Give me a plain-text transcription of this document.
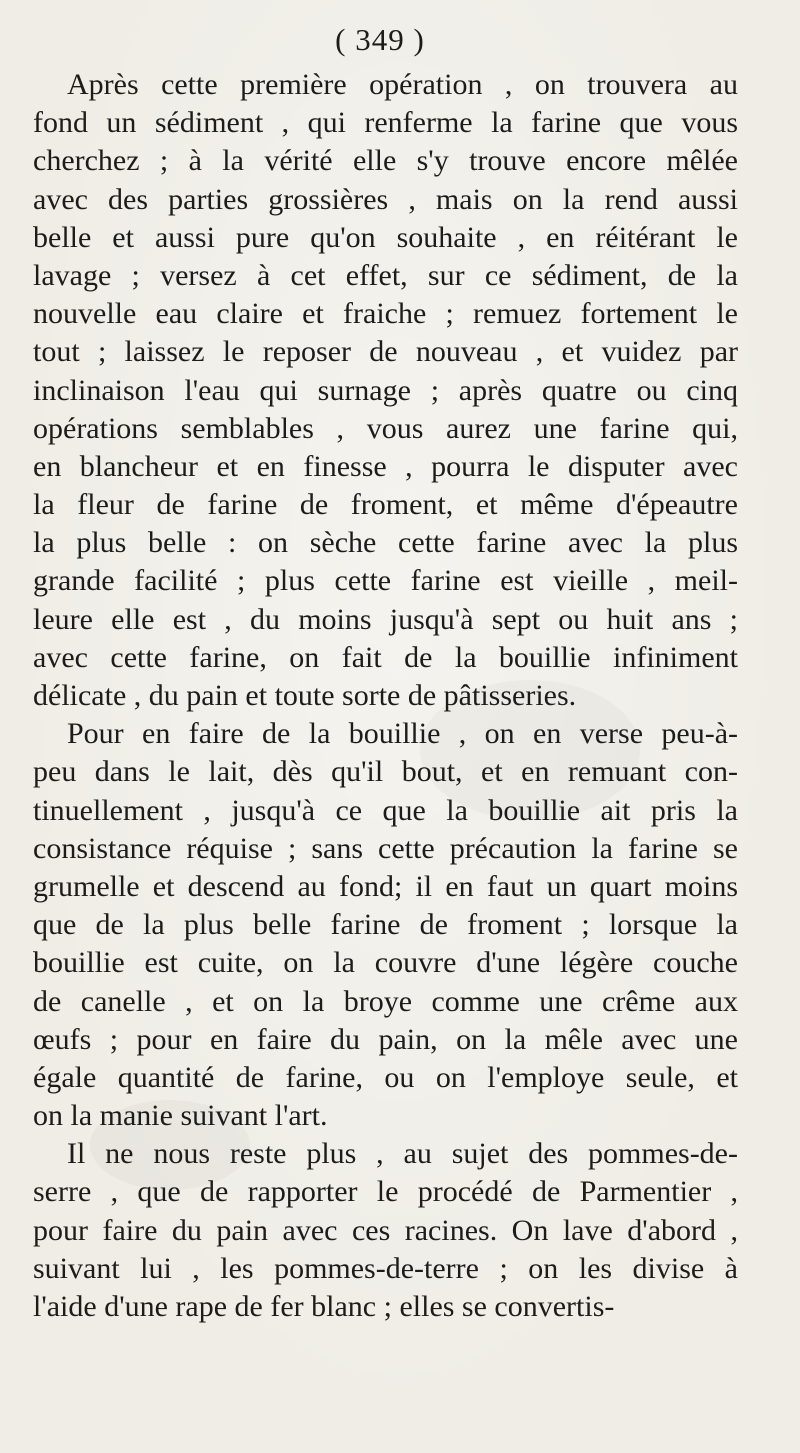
( 349 )
Après cette première opération , on trouvera au
fond un sédiment , qui renferme la farine que vous
cherchez ; à la vérité elle s'y trouve encore mêlée
avec des parties grossières , mais on la rend aussi
belle et aussi pure qu'on souhaite , en réitérant le
lavage ; versez à cet effet, sur ce sédiment, de la
nouvelle eau claire et fraiche ; remuez fortement le
tout ; laissez le reposer de nouveau , et vuidez par
inclinaison l'eau qui surnage ; après quatre ou cinq
opérations semblables , vous aurez une farine qui,
en blancheur et en finesse , pourra le disputer avec
la fleur de farine de froment, et même d'épeautre
la plus belle : on sèche cette farine avec la plus
grande facilité ; plus cette farine est vieille , meil-
leure elle est , du moins jusqu'à sept ou huit ans ;
avec cette farine, on fait de la bouillie infiniment
délicate , du pain et toute sorte de pâtisseries.
Pour en faire de la bouillie , on en verse peu-à-
peu dans le lait, dès qu'il bout, et en remuant con-
tinuellement , jusqu'à ce que la bouillie ait pris la
consistance réquise ; sans cette précaution la farine se
grumelle et descend au fond; il en faut un quart moins
que de la plus belle farine de froment ; lorsque la
bouillie est cuite, on la couvre d'une légère couche
de canelle , et on la broye comme une crême aux
œufs ; pour en faire du pain, on la mêle avec une
égale quantité de farine, ou on l'employe seule, et
on la manie suivant l'art.
Il ne nous reste plus , au sujet des pommes-de-
serre , que de rapporter le procédé de Parmentier ,
pour faire du pain avec ces racines. On lave d'abord ,
suivant lui , les pommes-de-terre ; on les divise à
l'aide d'une rape de fer blanc ; elles se convertis-
